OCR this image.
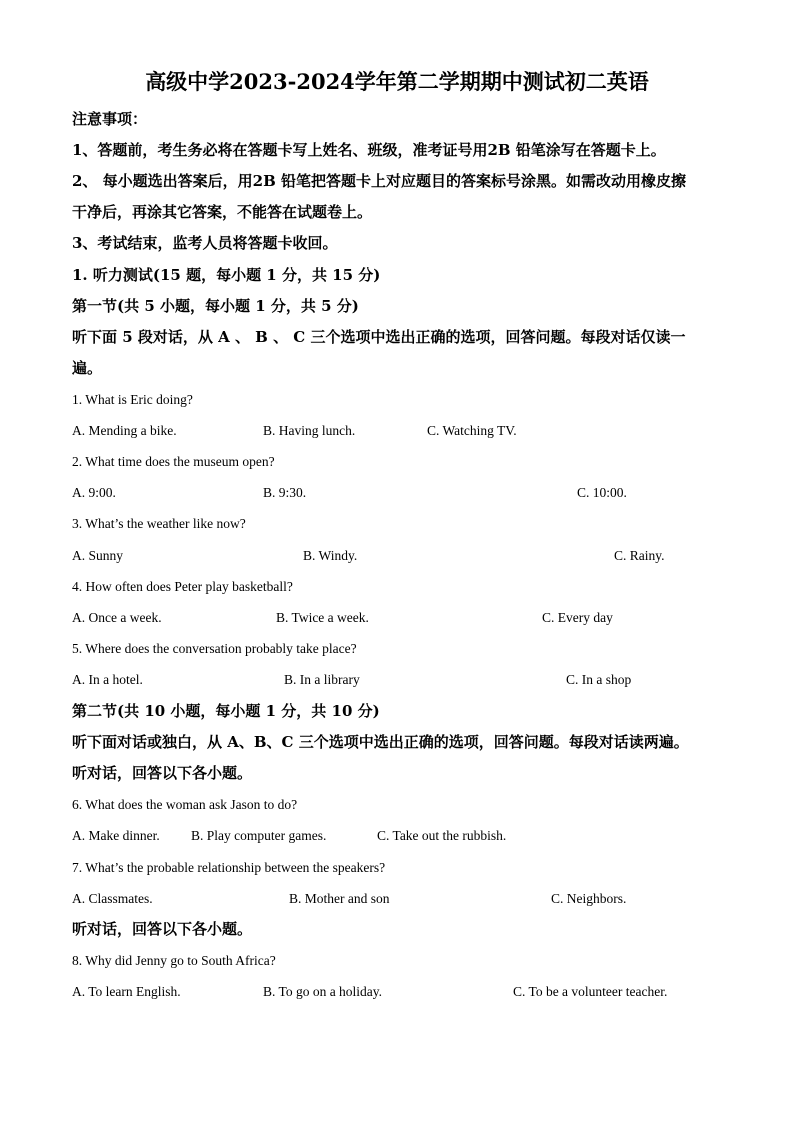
高级中学2023-2024学年第二学期期中测试初二英语
注意事项：
1、答题前，考生务必将在答题卡写上姓名、班级，准考证号用2B 铅笔涂写在答题卡上。
2、 每小题选出答案后，用2B 铅笔把答题卡上对应题目的答案标号涂黑。如需改动用橡皮擦
干净后，再涂其它答案，不能答在试题卷上。
3、考试结束，监考人员将答题卡收回。
1. 听力测试(15 题，每小题 1 分，共 15 分)
第一节(共 5 小题，每小题 1 分，共 5 分)
听下面 5 段对话，从 A 、 B 、 C 三个选项中选出正确的选项，回答问题。每段对话仅读一
遍。
1. What is Eric doing?
A. Mending a bike.	B. Having lunch.	C. Watching TV.
2. What time does the museum open?
A. 9:00.	B. 9:30.	C. 10:00.
3. What’s the weather like now?
A. Sunny	B. Windy.	C. Rainy.
4. How often does Peter play basketball?
A. Once a week.	B. Twice a week.	C. Every day
5. Where does the conversation probably take place?
A. In a hotel.	B. In a library	C. In a shop
第二节(共 10 小题，每小题 1 分，共 10 分)
听下面对话或独白，从 A、B、C 三个选项中选出正确的选项，回答问题。每段对话读两遍。
听对话，回答以下各小题。
6. What does the woman ask Jason to do?
A. Make dinner. B. Play computer games.	C. Take out the rubbish.
7. What’s the probable relationship between the speakers?
A. Classmates.	B. Mother and son	C. Neighbors.
听对话，回答以下各小题。
8. Why did Jenny go to South Africa?
A. To learn English.	B. To go on a holiday.	C. To be a volunteer teacher.
